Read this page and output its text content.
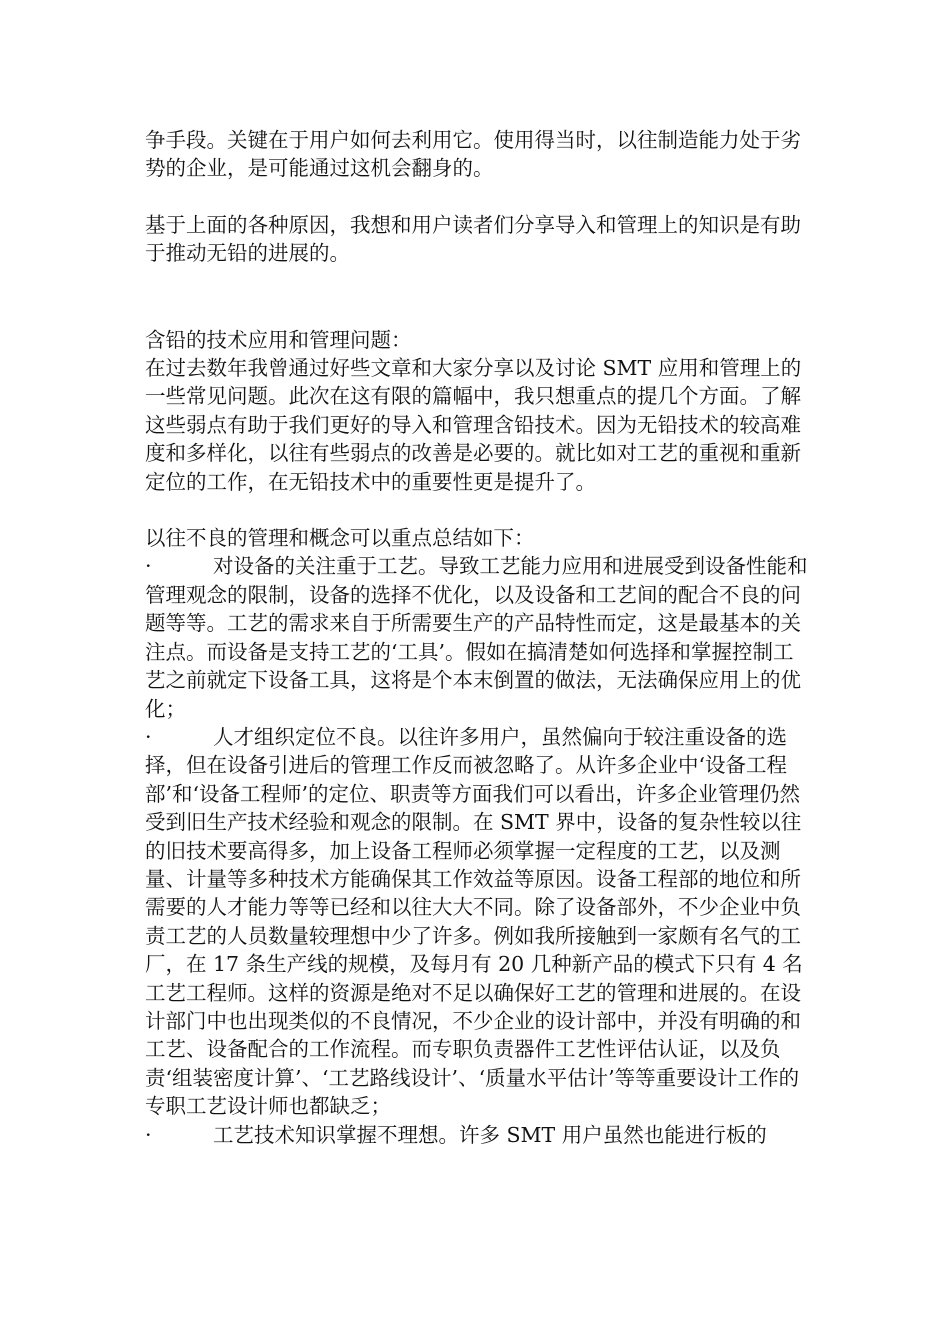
争手段。关键在于用户如何去利用它。使用得当时，以往制造能力处于劣势的企业，是可能通过这机会翻身的。

基于上面的各种原因，我想和用户读者们分享导入和管理上的知识是有助于推动无铅的进展的。

含铅的技术应用和管理问题：

在过去数年我曾通过好些文章和大家分享以及讨论 SMT 应用和管理上的一些常见问题。此次在这有限的篇幅中，我只想重点的提几个方面。了解这些弱点有助于我们更好的导入和管理含铅技术。因为无铅技术的较高难度和多样化，以往有些弱点的改善是必要的。就比如对工艺的重视和重新定位的工作，在无铅技术中的重要性更是提升了。

以往不良的管理和概念可以重点总结如下：

·	对设备的关注重于工艺。导致工艺能力应用和进展受到设备性能和管理观念的限制，设备的选择不优化，以及设备和工艺间的配合不良的问题等等。工艺的需求来自于所需要生产的产品特性而定，这是最基本的关注点。而设备是支持工艺的‘工具’。假如在搞清楚如何选择和掌握控制工艺之前就定下设备工具，这将是个本末倒置的做法，无法确保应用上的优化；

·	人才组织定位不良。以往许多用户，虽然偏向于较注重设备的选择，但在设备引进后的管理工作反而被忽略了。从许多企业中‘设备工程部’和‘设备工程师’的定位、职责等方面我们可以看出，许多企业管理仍然受到旧生产技术经验和观念的限制。在 SMT 界中，设备的复杂性较以往的旧技术要高得多，加上设备工程师必须掌握一定程度的工艺，以及测量、计量等多种技术方能确保其工作效益等原因。设备工程部的地位和所需要的人才能力等等已经和以往大大不同。除了设备部外，不少企业中负责工艺的人员数量较理想中少了许多。例如我所接触到一家颇有名气的工厂，在 17 条生产线的规模，及每月有 20 几种新产品的模式下只有 4 名工艺工程师。这样的资源是绝对不足以确保好工艺的管理和进展的。在设计部门中也出现类似的不良情况，不少企业的设计部中，并没有明确的和工艺、设备配合的工作流程。而专职负责器件工艺性评估认证，以及负责‘组装密度计算’、‘工艺路线设计’、‘质量水平估计’等等重要设计工作的专职工艺设计师也都缺乏；

·	工艺技术知识掌握不理想。许多 SMT 用户虽然也能进行板的
